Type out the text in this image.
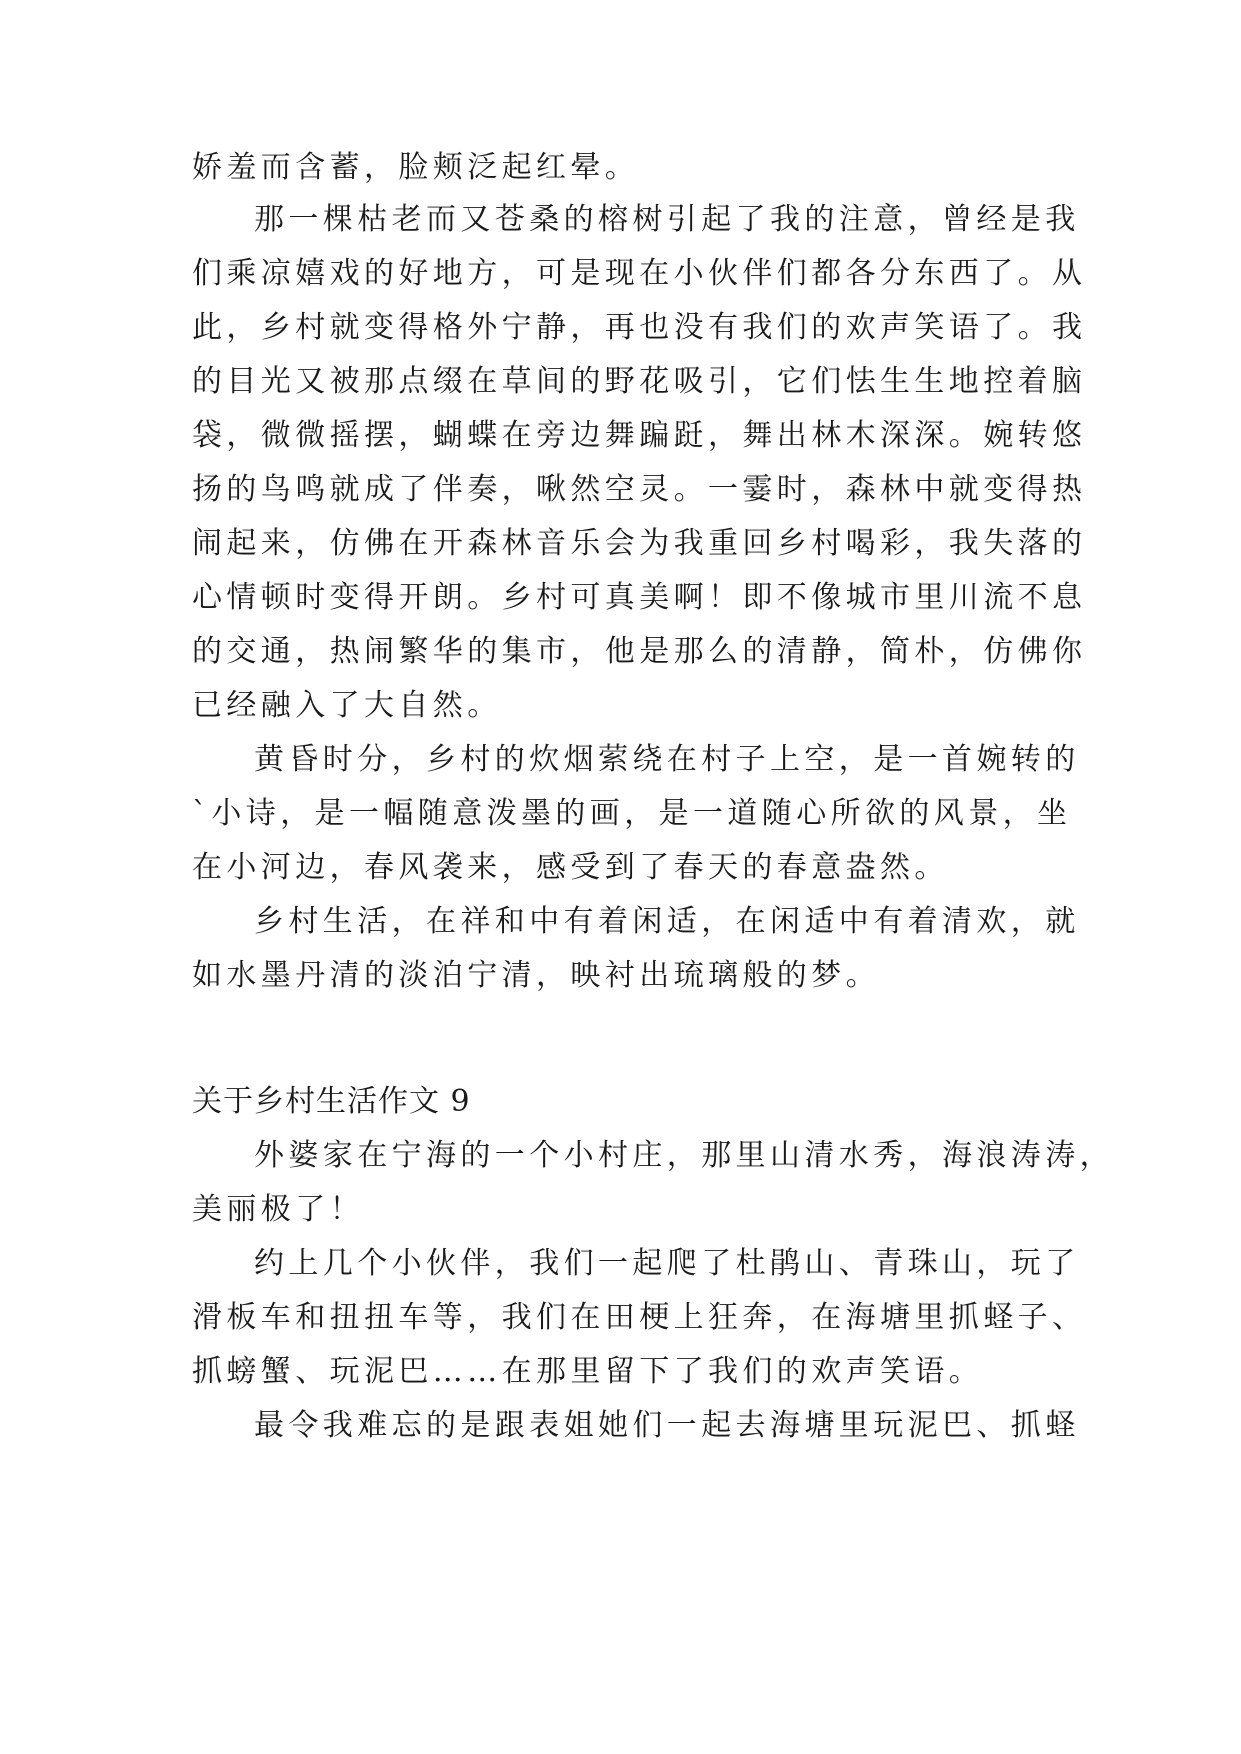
娇羞而含蓄，脸颊泛起红晕。

那一棵枯老而又苍桑的榕树引起了我的注意，曾经是我

们乘凉嬉戏的好地方，可是现在小伙伴们都各分东西了。从

此，乡村就变得格外宁静，再也没有我们的欢声笑语了。我

的目光又被那点缀在草间的野花吸引，它们怯生生地控着脑

袋，微微摇摆，蝴蝶在旁边舞蹁跹，舞出林木深深。婉转悠

扬的鸟鸣就成了伴奏，啾然空灵。一霎时，森林中就变得热

闹起来，仿佛在开森林音乐会为我重回乡村喝彩，我失落的

心情顿时变得开朗。乡村可真美啊！即不像城市里川流不息

的交通，热闹繁华的集市，他是那么的清静，简朴，仿佛你

已经融入了大自然。

黄昏时分，乡村的炊烟萦绕在村子上空，是一首婉转的

`小诗，是一幅随意泼墨的画，是一道随心所欲的风景，坐

在小河边，春风袭来，感受到了春天的春意盎然。

乡村生活，在祥和中有着闲适，在闲适中有着清欢，就

如水墨丹清的淡泊宁清，映衬出琉璃般的梦。

关于乡村生活作文 9

外婆家在宁海的一个小村庄，那里山清水秀，海浪涛涛，

美丽极了！

约上几个小伙伴，我们一起爬了杜鹃山、青珠山，玩了

滑板车和扭扭车等，我们在田梗上狂奔，在海塘里抓蛏子、

抓螃蟹、玩泥巴……在那里留下了我们的欢声笑语。

最令我难忘的是跟表姐她们一起去海塘里玩泥巴、抓蛏
